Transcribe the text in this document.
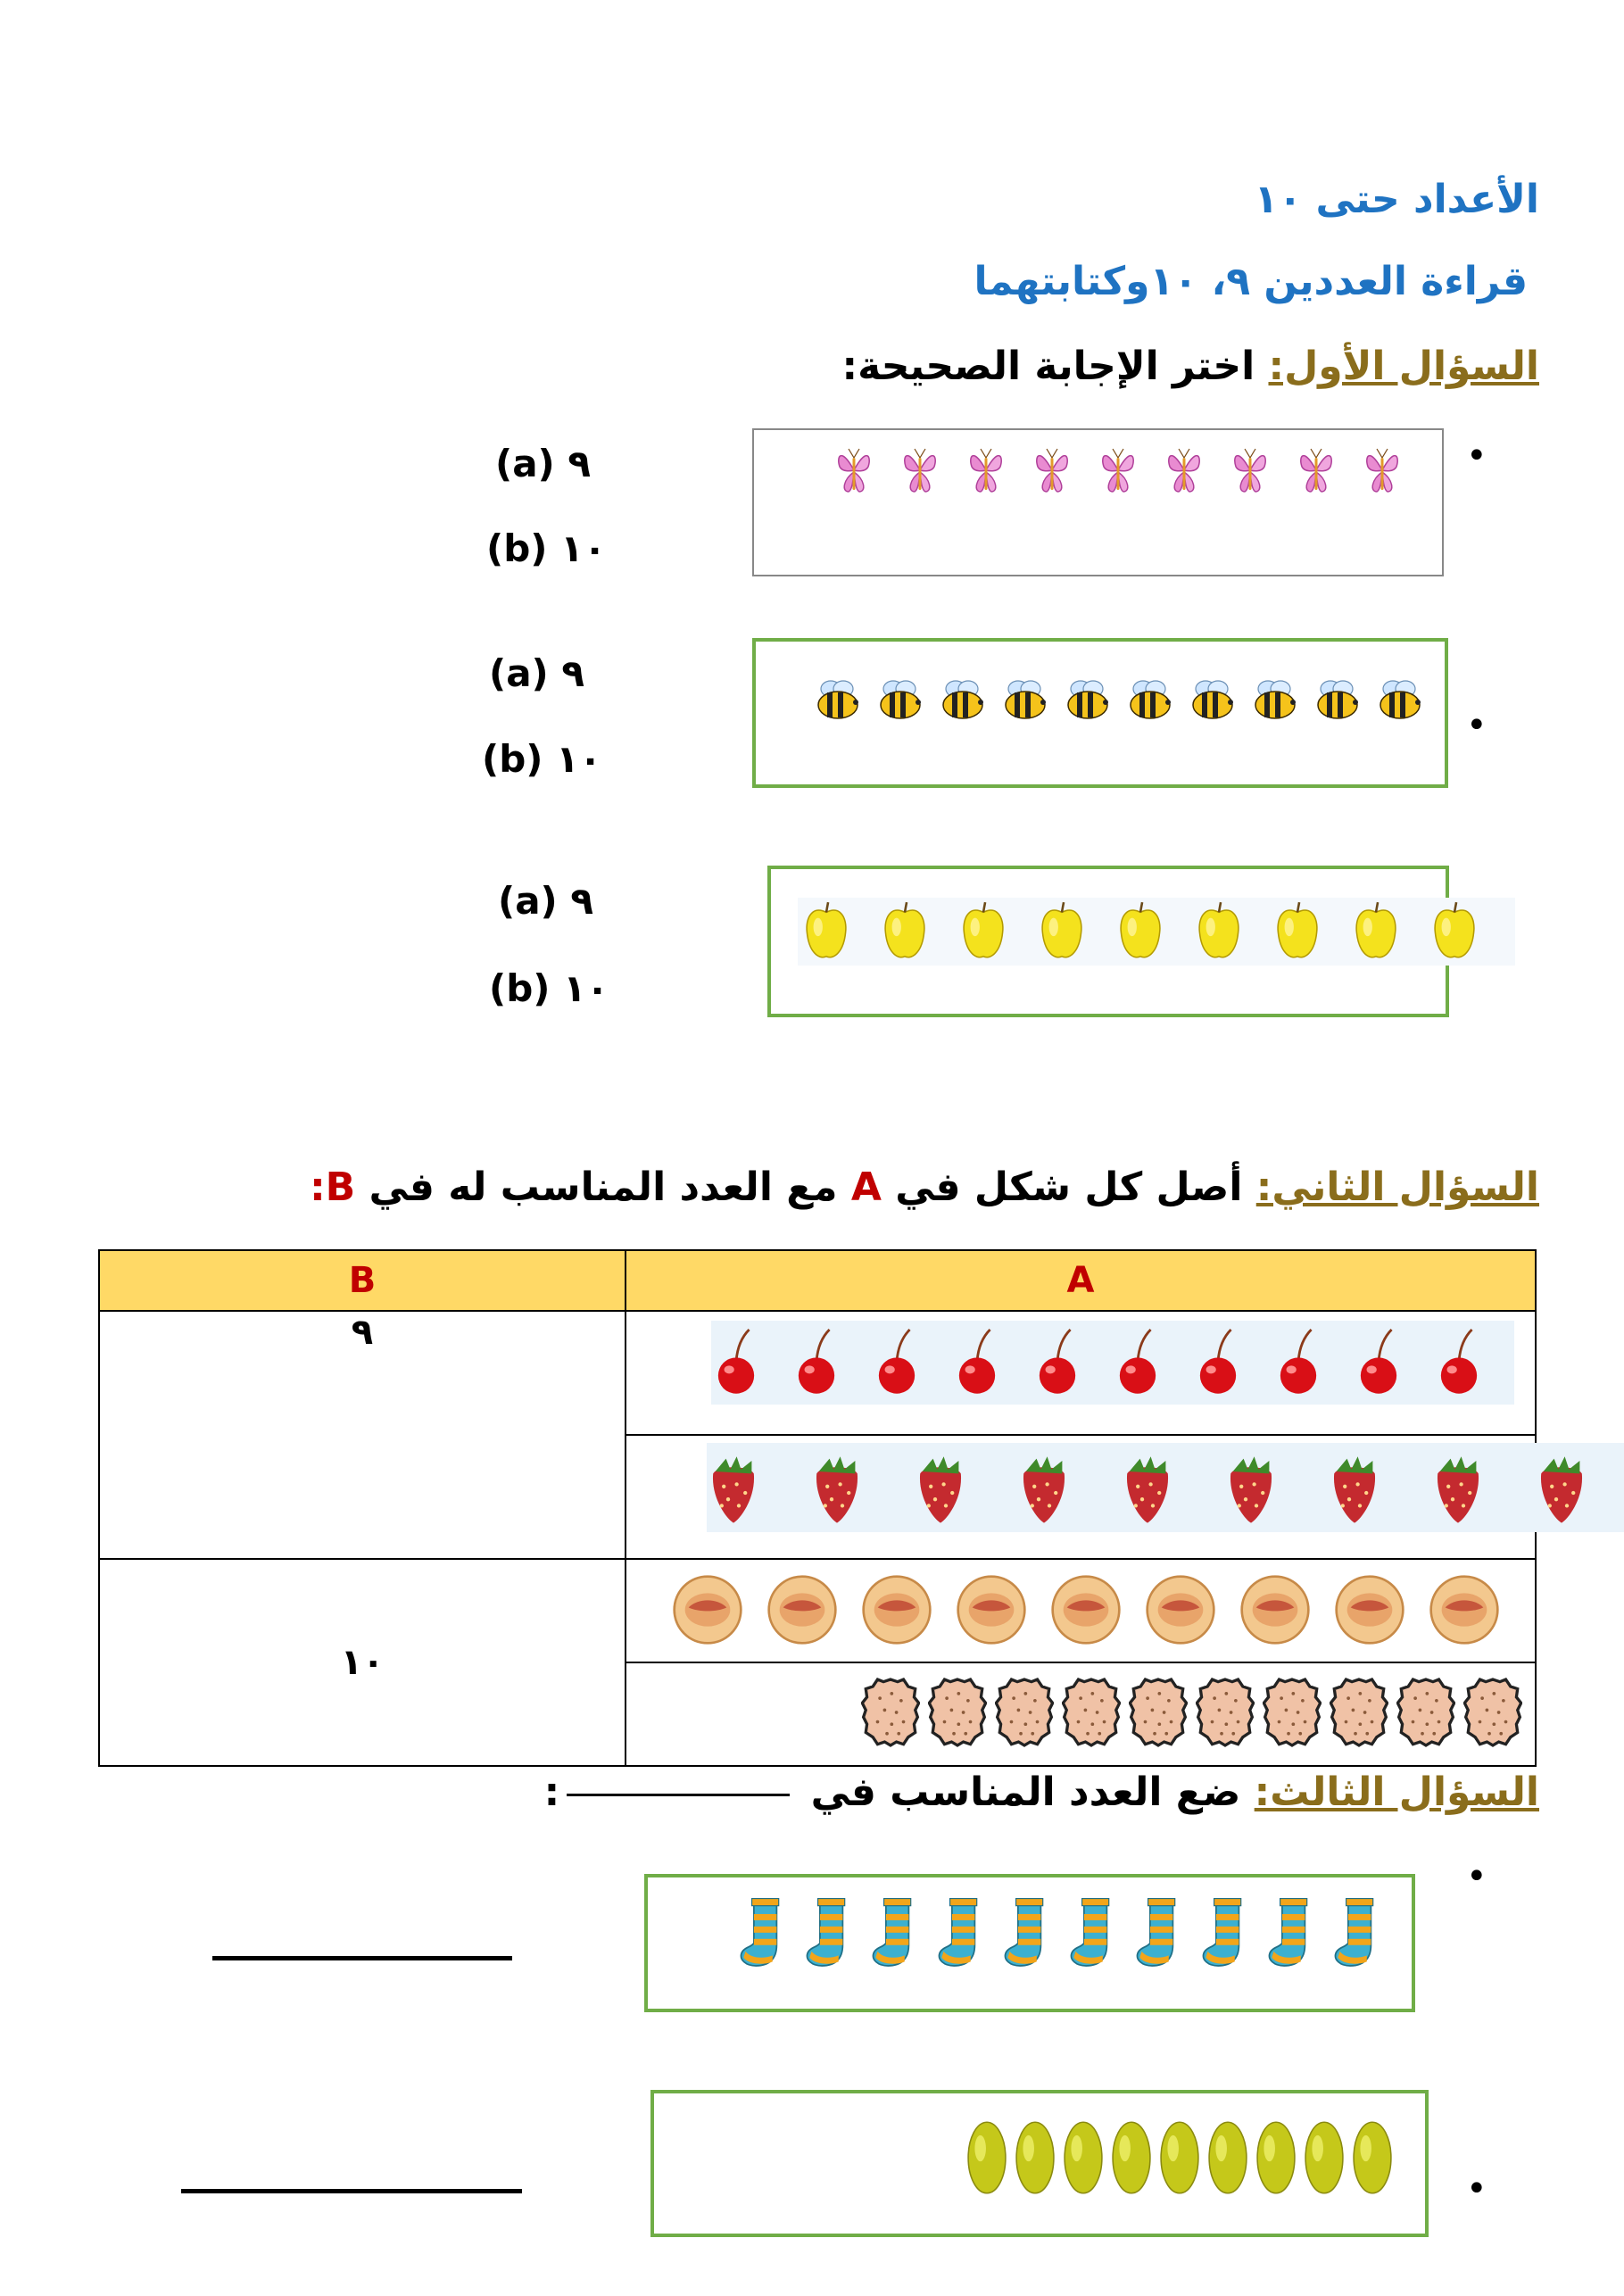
الأعداد حتى ١٠
قراءة العددين ٩، ١٠وكتابتهما
السؤال الأول: اختر الإجابة الصحيحة:
•
(a) ٩
(b) ١٠
•
(a) ٩
(b) ١٠
(a) ٩
(b) ١٠
السؤال الثاني: أصل كل شكل في A مع العدد المناسب له في B:
B	A
٩	

١٠	

السؤال الثالث: ضع العدد المناسب في :
•
•
